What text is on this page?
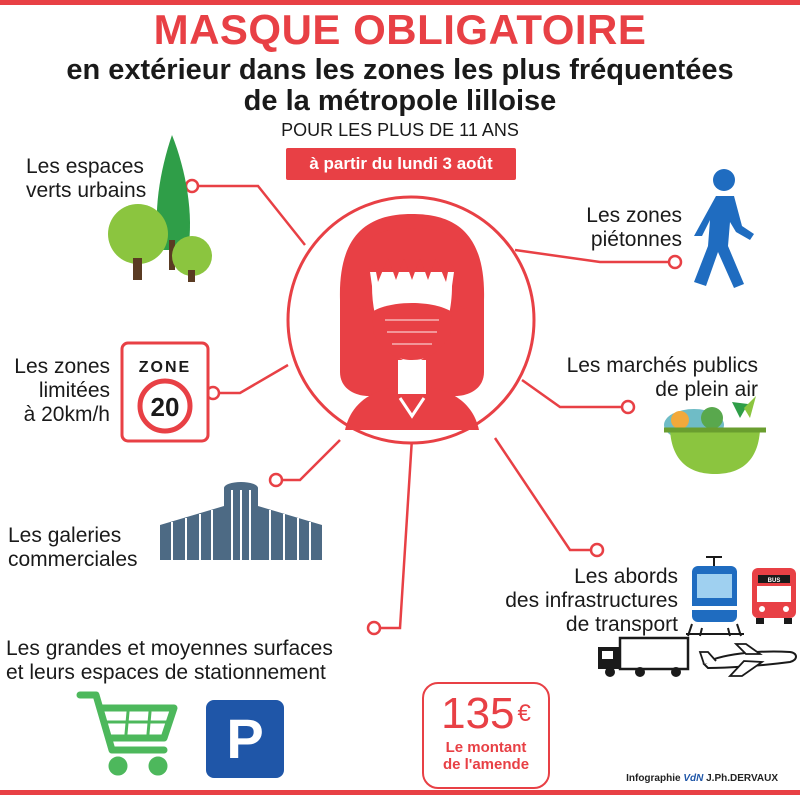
MASQUE OBLIGATOIRE
en extérieur dans les zones les plus fréquentées
de la métropole lilloise
POUR LES PLUS DE 11 ANS
à partir du lundi 3 août
ZONE
20
BUS
P
Les espaces
verts urbains
Les zones
piétonnes
Les zones
limitées
à 20km/h
Les marchés publics
de plein air
Les galeries
commerciales
Les abords
des infrastructures
de transport
Les grandes et moyennes surfaces
et leurs espaces de stationnement
135 €
Le montant
de l'amende
Infographie VdN J.Ph.DERVAUX
